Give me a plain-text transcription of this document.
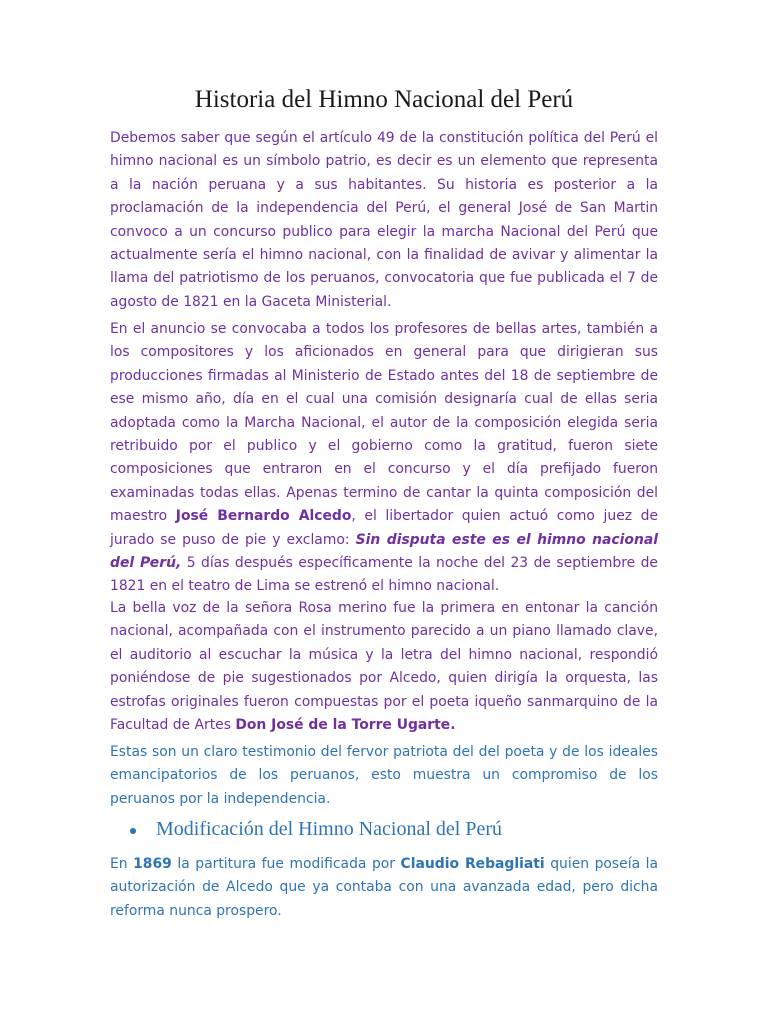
Historia del Himno Nacional del Perú

Debemos saber que según el artículo 49 de la constitución política del Perú el himno nacional es un símbolo patrio, es decir es un elemento que representa a la nación peruana y a sus habitantes. Su historia es posterior a la proclamación de la independencia del Perú, el general José de San Martin convoco a un concurso publico para elegir la marcha Nacional del Perú que actualmente sería el himno nacional, con la finalidad de avivar y alimentar la llama del patriotismo de los peruanos, convocatoria que fue publicada el 7 de agosto de 1821 en la Gaceta Ministerial.

En el anuncio se convocaba a todos los profesores de bellas artes, también a los compositores y los aficionados en general para que dirigieran sus producciones firmadas al Ministerio de Estado antes del 18 de septiembre de ese mismo año, día en el cual una comisión designaría cual de ellas seria adoptada como la Marcha Nacional, el autor de la composición elegida seria retribuido por el publico y el gobierno como la gratitud, fueron siete composiciones que entraron en el concurso y el día prefijado fueron examinadas todas ellas. Apenas termino de cantar la quinta composición del maestro José Bernardo Alcedo, el libertador quien actuó como juez de jurado se puso de pie y exclamo: Sin disputa este es el himno nacional del Perú, 5 días después específicamente la noche del 23 de septiembre de 1821 en el teatro de Lima se estrenó el himno nacional.

La bella voz de la señora Rosa merino fue la primera en entonar la canción nacional, acompañada con el instrumento parecido a un piano llamado clave, el auditorio al escuchar la música y la letra del himno nacional, respondió poniéndose de pie sugestionados por Alcedo, quien dirigía la orquesta, las estrofas originales fueron compuestas por el poeta iqueño sanmarquino de la Facultad de Artes Don José de la Torre Ugarte.

Estas son un claro testimonio del fervor patriota del del poeta y de los ideales emancipatorios de los peruanos, esto muestra un compromiso de los peruanos por la independencia.

Modificación del Himno Nacional del Perú

En 1869 la partitura fue modificada por Claudio Rebagliati quien poseía la autorización de Alcedo que ya contaba con una avanzada edad, pero dicha reforma nunca prospero.
